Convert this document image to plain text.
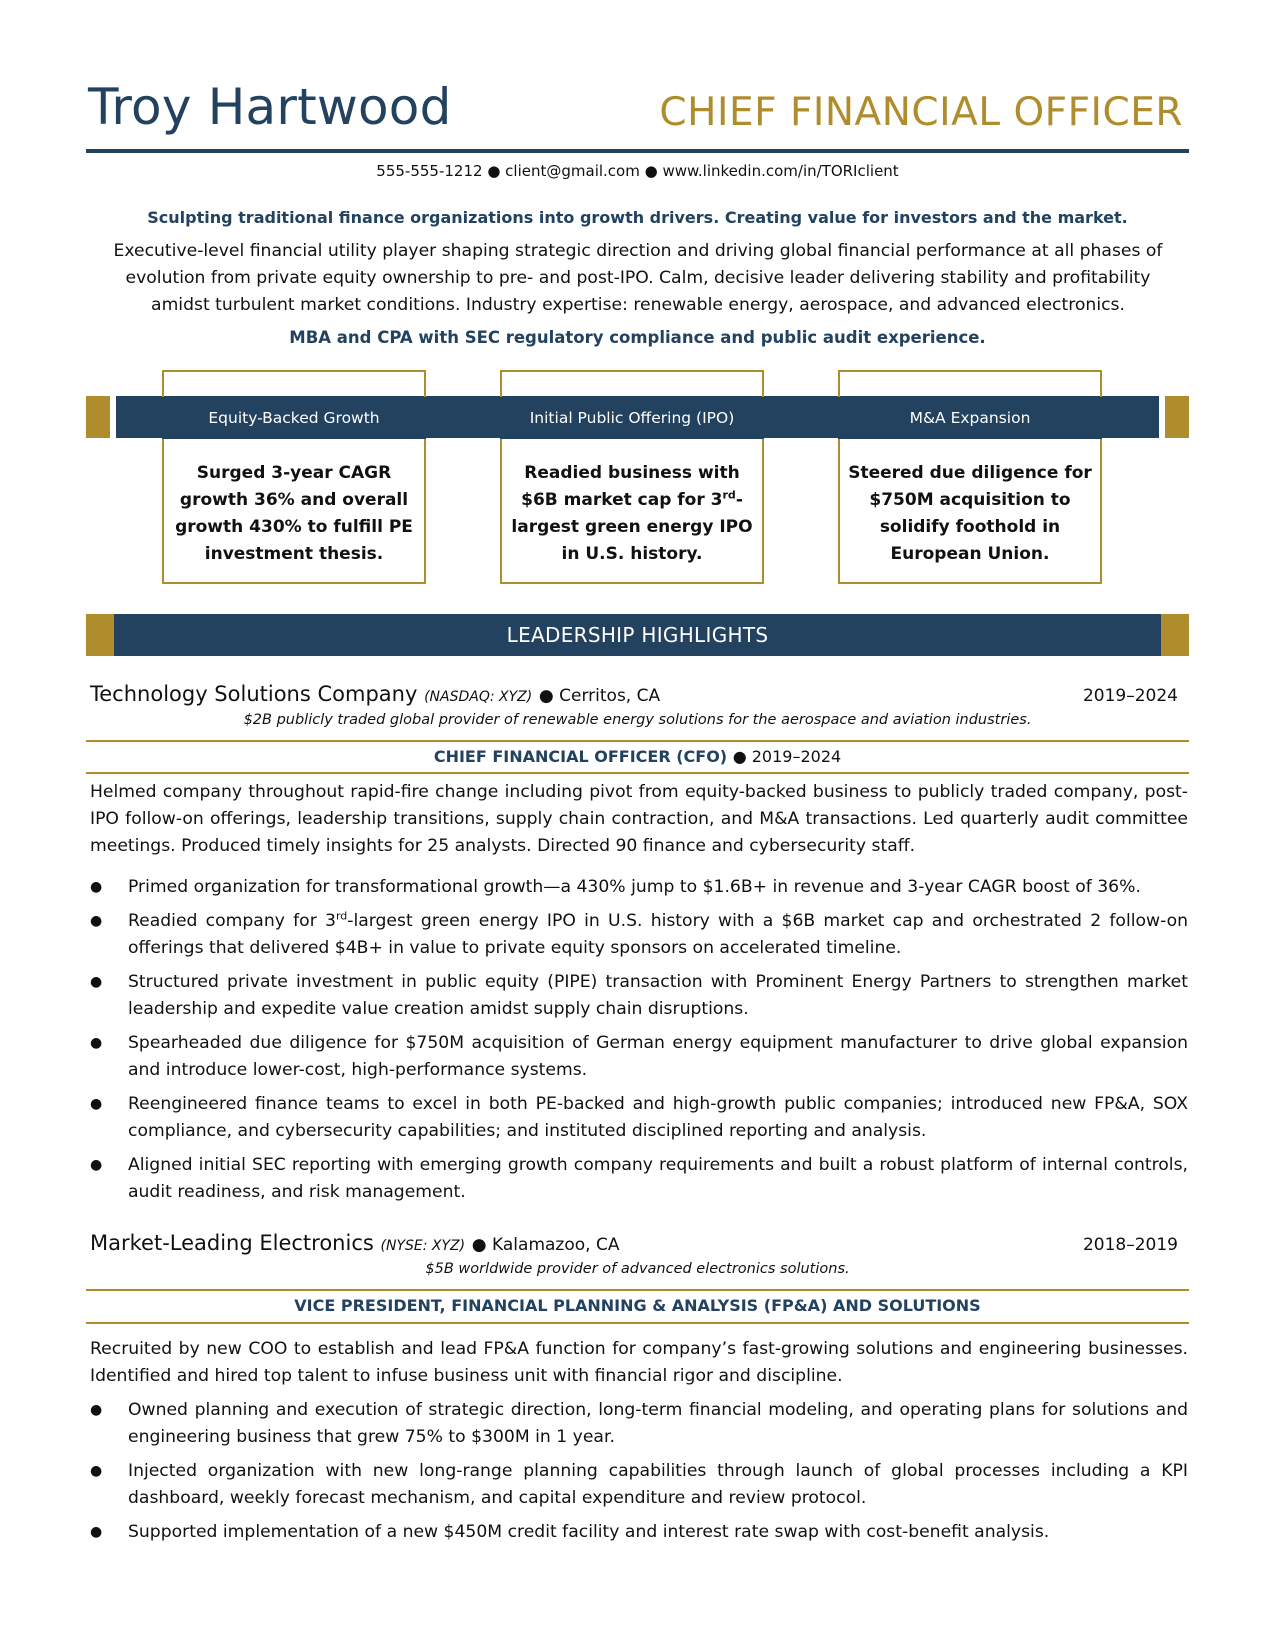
Troy Hartwood	CHIEF FINANCIAL OFFICER
555-555-1212 ● client@gmail.com ● www.linkedin.com/in/TORIclient
Sculpting traditional finance organizations into growth drivers. Creating value for investors and the market.
Executive-level financial utility player shaping strategic direction and driving global financial performance at all phases of evolution from private equity ownership to pre- and post-IPO. Calm, decisive leader delivering stability and profitability amidst turbulent market conditions. Industry expertise: renewable energy, aerospace, and advanced electronics.
MBA and CPA with SEC regulatory compliance and public audit experience.
Equity-Backed Growth
Surged 3-year CAGR growth 36% and overall growth 430% to fulfill PE investment thesis.
Initial Public Offering (IPO)
Readied business with $6B market cap for 3rd-largest green energy IPO in U.S. history.
M&A Expansion
Steered due diligence for $750M acquisition to solidify foothold in European Union.
LEADERSHIP HIGHLIGHTS
Technology Solutions Company (NASDAQ: XYZ) ● Cerritos, CA	2019–2024
$2B publicly traded global provider of renewable energy solutions for the aerospace and aviation industries.
CHIEF FINANCIAL OFFICER (CFO) ● 2019–2024
Helmed company throughout rapid-fire change including pivot from equity-backed business to publicly traded company, post-IPO follow-on offerings, leadership transitions, supply chain contraction, and M&A transactions. Led quarterly audit committee meetings. Produced timely insights for 25 analysts. Directed 90 finance and cybersecurity staff.
● Primed organization for transformational growth—a 430% jump to $1.6B+ in revenue and 3-year CAGR boost of 36%.
● Readied company for 3rd-largest green energy IPO in U.S. history with a $6B market cap and orchestrated 2 follow-on offerings that delivered $4B+ in value to private equity sponsors on accelerated timeline.
● Structured private investment in public equity (PIPE) transaction with Prominent Energy Partners to strengthen market leadership and expedite value creation amidst supply chain disruptions.
● Spearheaded due diligence for $750M acquisition of German energy equipment manufacturer to drive global expansion and introduce lower-cost, high-performance systems.
● Reengineered finance teams to excel in both PE-backed and high-growth public companies; introduced new FP&A, SOX compliance, and cybersecurity capabilities; and instituted disciplined reporting and analysis.
● Aligned initial SEC reporting with emerging growth company requirements and built a robust platform of internal controls, audit readiness, and risk management.
Market-Leading Electronics (NYSE: XYZ) ● Kalamazoo, CA	2018–2019
$5B worldwide provider of advanced electronics solutions.
VICE PRESIDENT, FINANCIAL PLANNING & ANALYSIS (FP&A) AND SOLUTIONS
Recruited by new COO to establish and lead FP&A function for company’s fast-growing solutions and engineering businesses. Identified and hired top talent to infuse business unit with financial rigor and discipline.
● Owned planning and execution of strategic direction, long-term financial modeling, and operating plans for solutions and engineering business that grew 75% to $300M in 1 year.
● Injected organization with new long-range planning capabilities through launch of global processes including a KPI dashboard, weekly forecast mechanism, and capital expenditure and review protocol.
● Supported implementation of a new $450M credit facility and interest rate swap with cost-benefit analysis.
